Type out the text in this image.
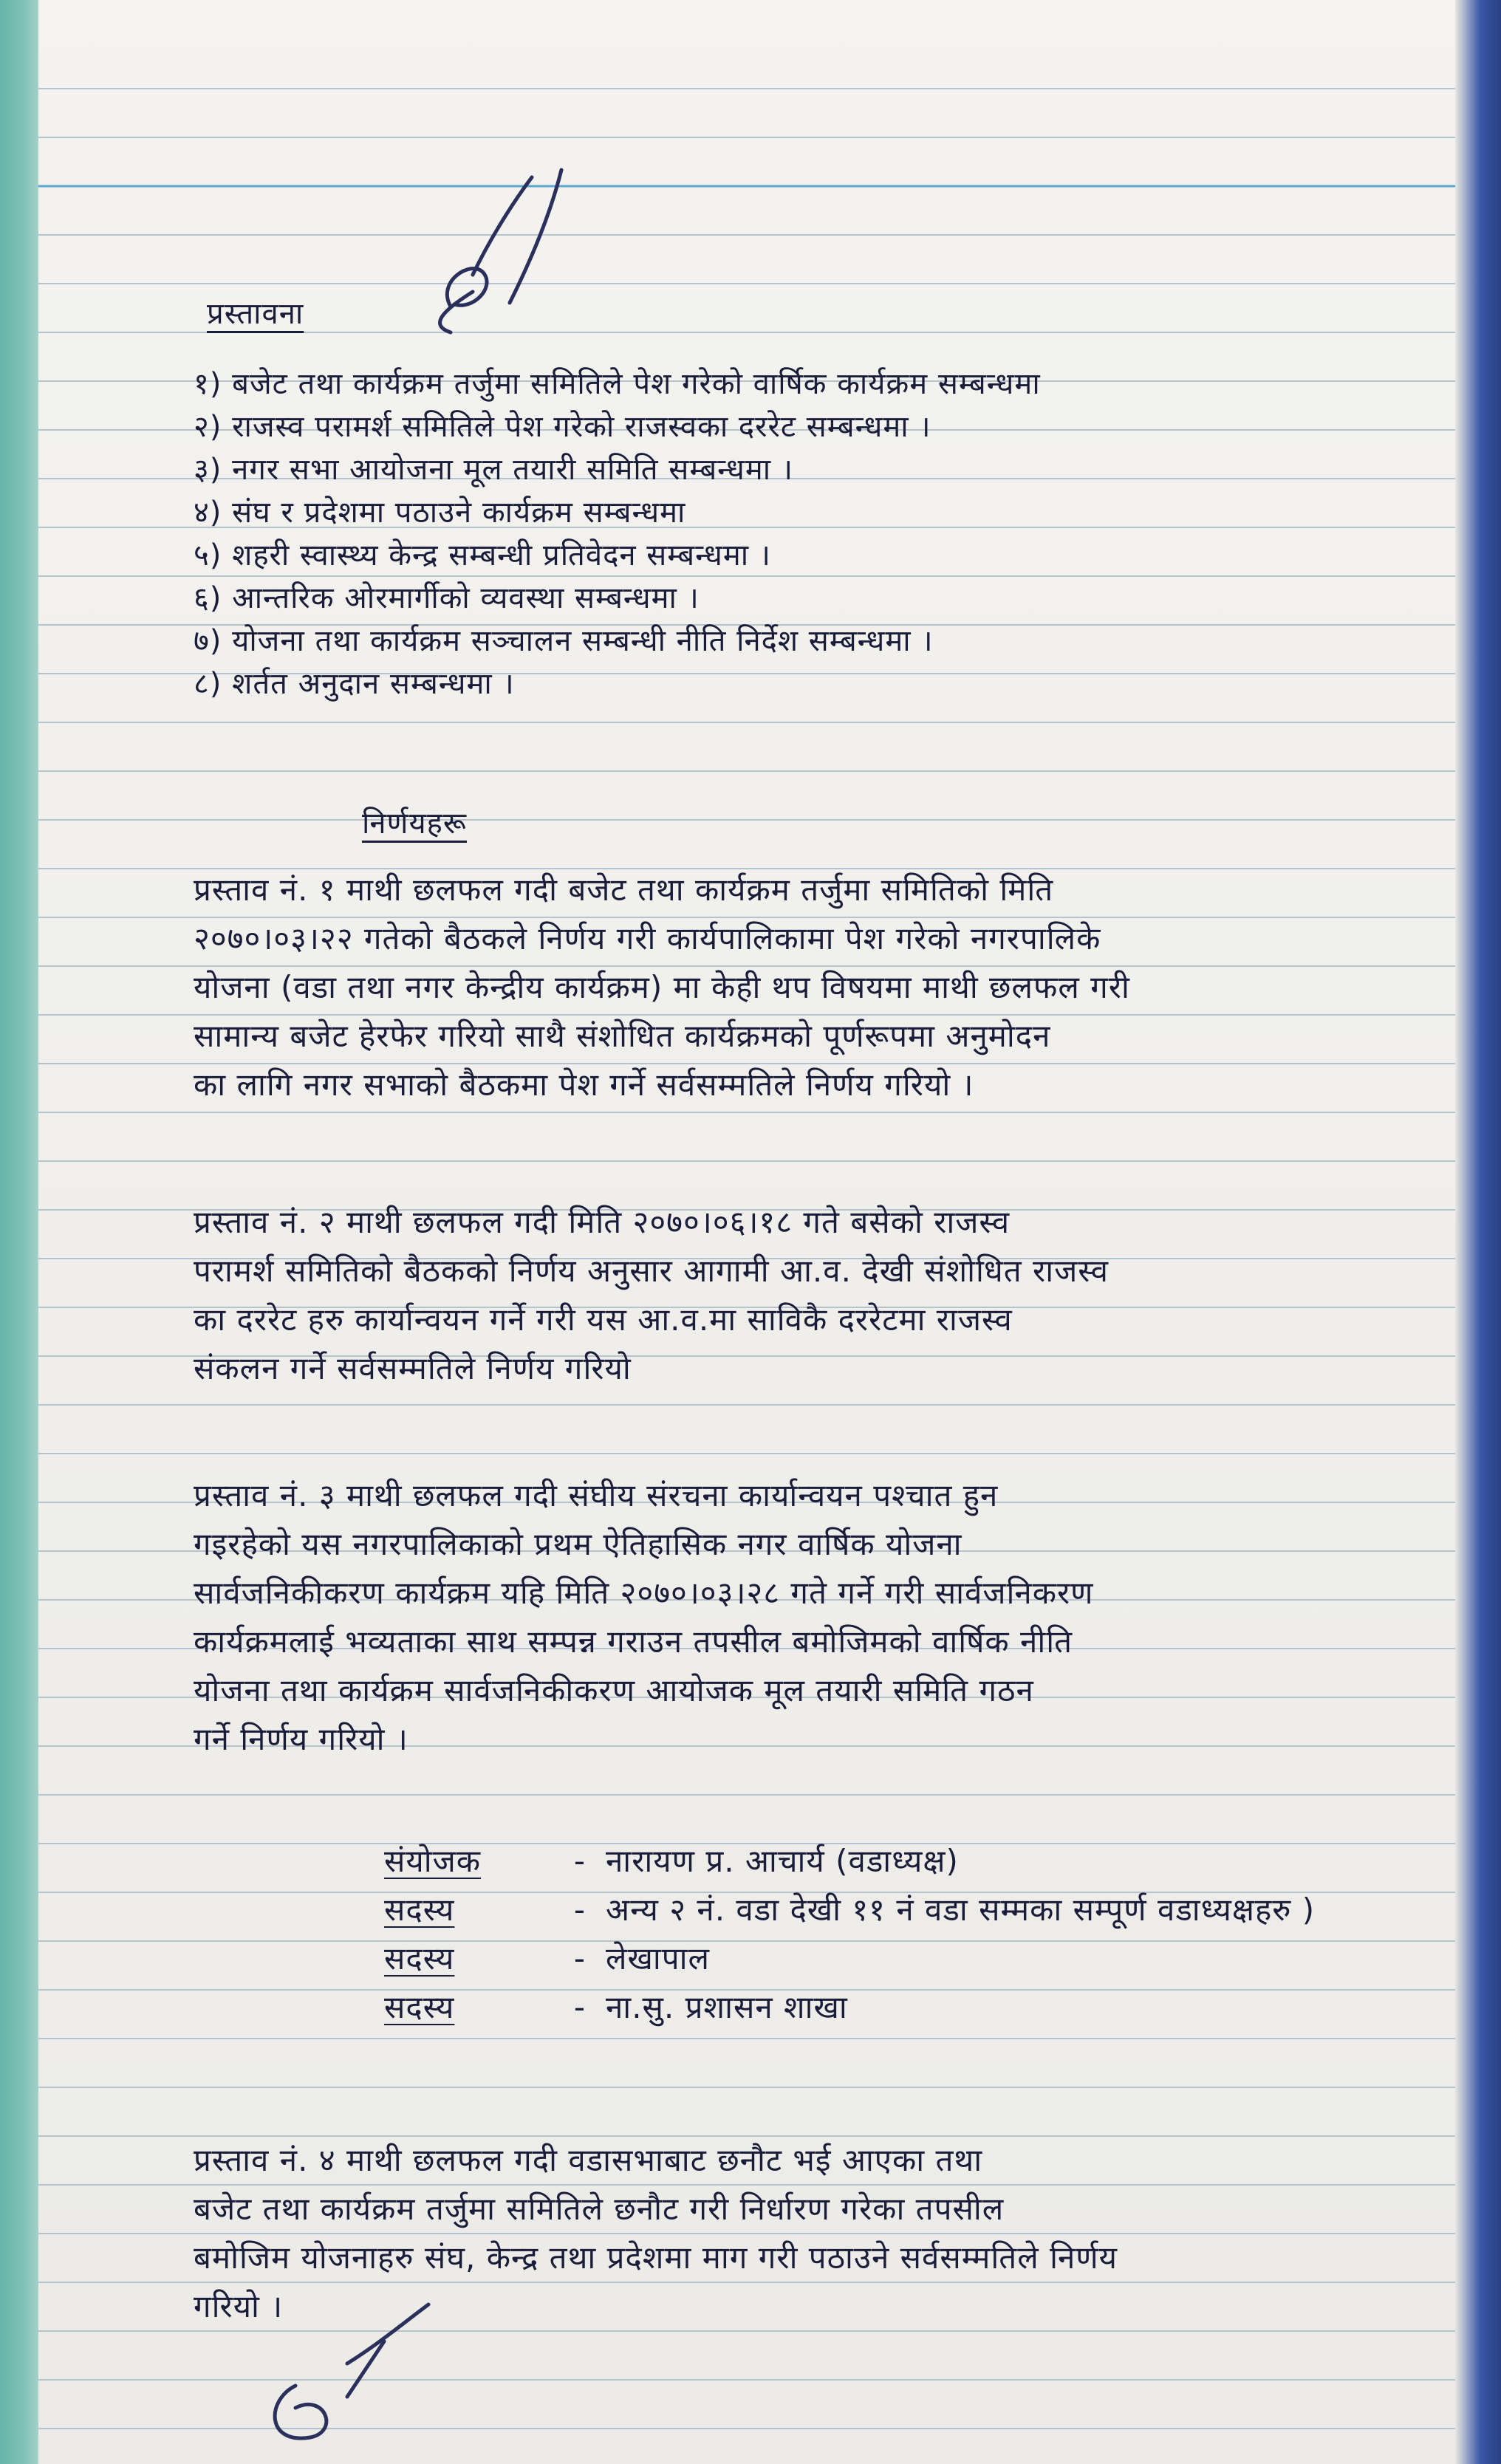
प्रस्तावना
१) बजेट तथा कार्यक्रम तर्जुमा समितिले पेश गरेको वार्षिक कार्यक्रम सम्बन्धमा
२) राजस्व परामर्श समितिले पेश गरेको राजस्वका दररेट सम्बन्धमा ।
३) नगर सभा आयोजना मूल तयारी समिति सम्बन्धमा ।
४) संघ र प्रदेशमा पठाउने कार्यक्रम सम्बन्धमा
५) शहरी स्वास्थ्य केन्द्र सम्बन्धी प्रतिवेदन सम्बन्धमा ।
६) आन्तरिक ओरमार्गीको व्यवस्था सम्बन्धमा ।
७) योजना तथा कार्यक्रम सञ्चालन सम्बन्धी नीति निर्देश सम्बन्धमा ।
८) शर्तत अनुदान सम्बन्धमा ।
निर्णयहरू
प्रस्ताव नं. १ माथी छलफल गदी बजेट तथा कार्यक्रम तर्जुमा समितिको मिति
२०७०।०३।२२ गतेको बैठकले निर्णय गरी कार्यपालिकामा पेश गरेको नगरपालिके
योजना (वडा तथा नगर केन्द्रीय कार्यक्रम) मा केही थप विषयमा माथी छलफल गरी
सामान्य बजेट हेरफेर गरियो साथै संशोधित कार्यक्रमको पूर्णरूपमा अनुमोदन
का लागि नगर सभाको बैठकमा पेश गर्ने सर्वसम्मतिले निर्णय गरियो ।
प्रस्ताव नं. २ माथी छलफल गदी मिति २०७०।०६।१८ गते बसेको राजस्व
परामर्श समितिको बैठकको निर्णय अनुसार आगामी आ.व. देखी संशोधित राजस्व
का दररेट हरु कार्यान्वयन गर्ने गरी यस आ.व.मा साविकै दररेटमा राजस्व
संकलन गर्ने सर्वसम्मतिले निर्णय गरियो
प्रस्ताव नं. ३ माथी छलफल गदी संघीय संरचना कार्यान्वयन पश्चात हुन
गइरहेको यस नगरपालिकाको प्रथम ऐतिहासिक नगर वार्षिक योजना
सार्वजनिकीकरण कार्यक्रम यहि मिति २०७०।०३।२८ गते गर्ने गरी सार्वजनिकरण
कार्यक्रमलाई भव्यताका साथ सम्पन्न गराउन तपसील बमोजिमको वार्षिक नीति
योजना तथा कार्यक्रम सार्वजनिकीकरण आयोजक मूल तयारी समिति गठन
गर्ने निर्णय गरियो ।
संयोजक	- नारायण प्र. आचार्य (वडाध्यक्ष)
सदस्य	- अन्य २ नं. वडा देखी ११ नं वडा सम्मका सम्पूर्ण वडाध्यक्षहरु )
सदस्य	- लेखापाल
सदस्य	- ना.सु. प्रशासन शाखा
प्रस्ताव नं. ४ माथी छलफल गदी वडासभाबाट छनौट भई आएका तथा
बजेट तथा कार्यक्रम तर्जुमा समितिले छनौट गरी निर्धारण गरेका तपसील
बमोजिम योजनाहरु संघ, केन्द्र तथा प्रदेशमा माग गरी पठाउने सर्वसम्मतिले निर्णय
गरियो ।
